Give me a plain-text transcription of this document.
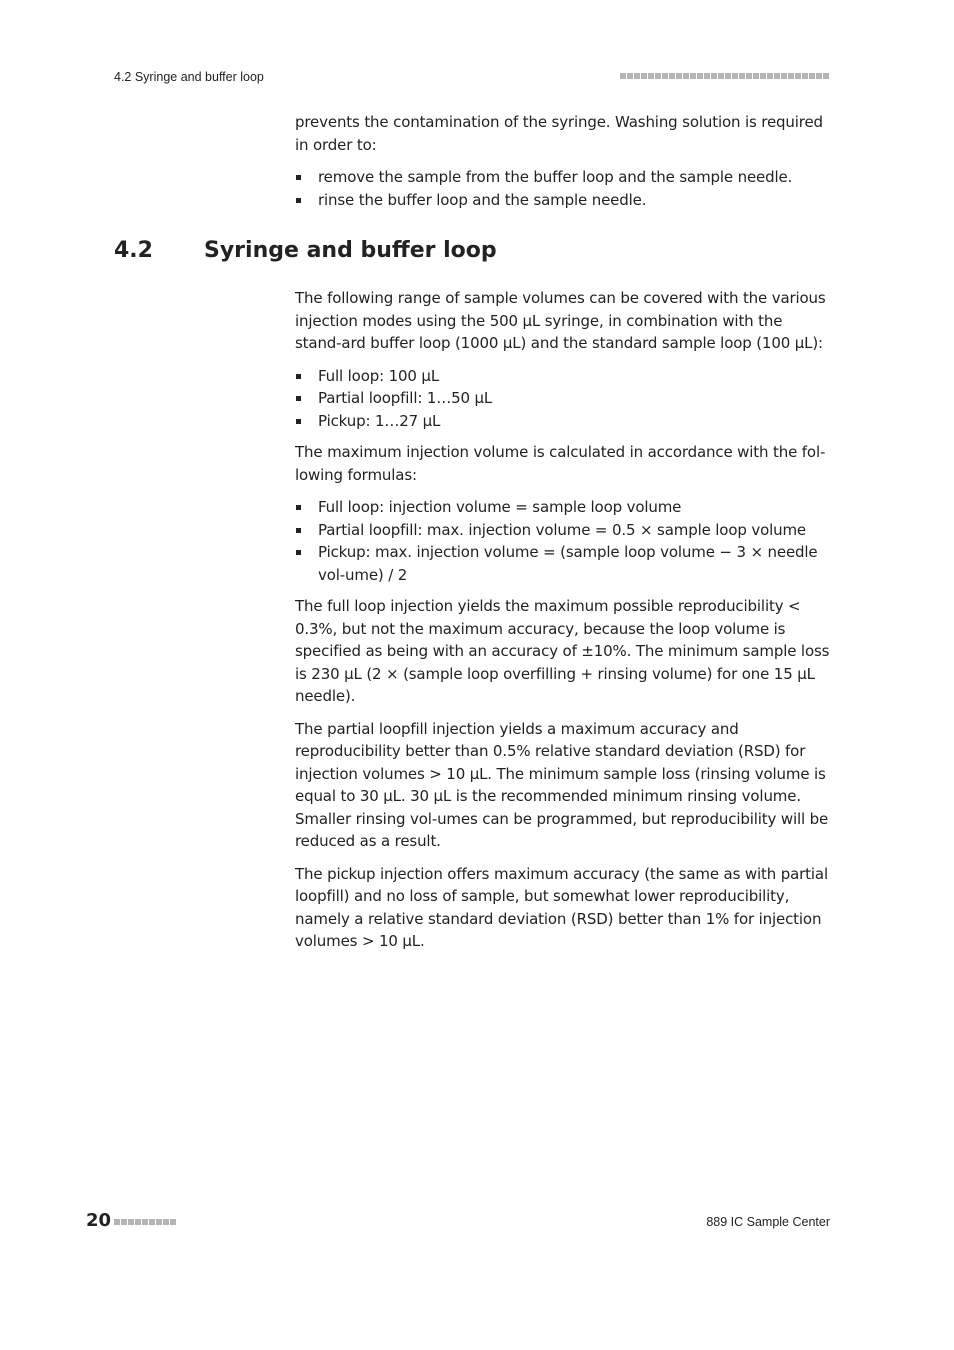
4.2 Syringe and buffer loop

prevents the contamination of the syringe. Washing solution is required in order to:

remove the sample from the buffer loop and the sample needle.
rinse the buffer loop and the sample needle.
4.2	Syringe and buffer loop

The following range of sample volumes can be covered with the various injection modes using the 500 µL syringe, in combination with the stand-ard buffer loop (1000 µL) and the standard sample loop (100 µL):

Full loop: 100 µL
Partial loopfill: 1…50 µL
Pickup: 1…27 µL

The maximum injection volume is calculated in accordance with the fol-lowing formulas:

Full loop: injection volume = sample loop volume
Partial loopfill: max. injection volume = 0.5 × sample loop volume
Pickup: max. injection volume = (sample loop volume − 3 × needle vol-ume) / 2

The full loop injection yields the maximum possible reproducibility < 0.3%, but not the maximum accuracy, because the loop volume is specified as being with an accuracy of ±10%. The minimum sample loss is 230 µL (2 × (sample loop overfilling + rinsing volume) for one 15 µL needle).

The partial loopfill injection yields a maximum accuracy and reproducibility better than 0.5% relative standard deviation (RSD) for injection volumes > 10 µL. The minimum sample loss (rinsing volume is equal to 30 µL. 30 µL is the recommended minimum rinsing volume. Smaller rinsing vol-umes can be programmed, but reproducibility will be reduced as a result.

The pickup injection offers maximum accuracy (the same as with partial loopfill) and no loss of sample, but somewhat lower reproducibility, namely a relative standard deviation (RSD) better than 1% for injection volumes > 10 µL.

20	889 IC Sample Center
